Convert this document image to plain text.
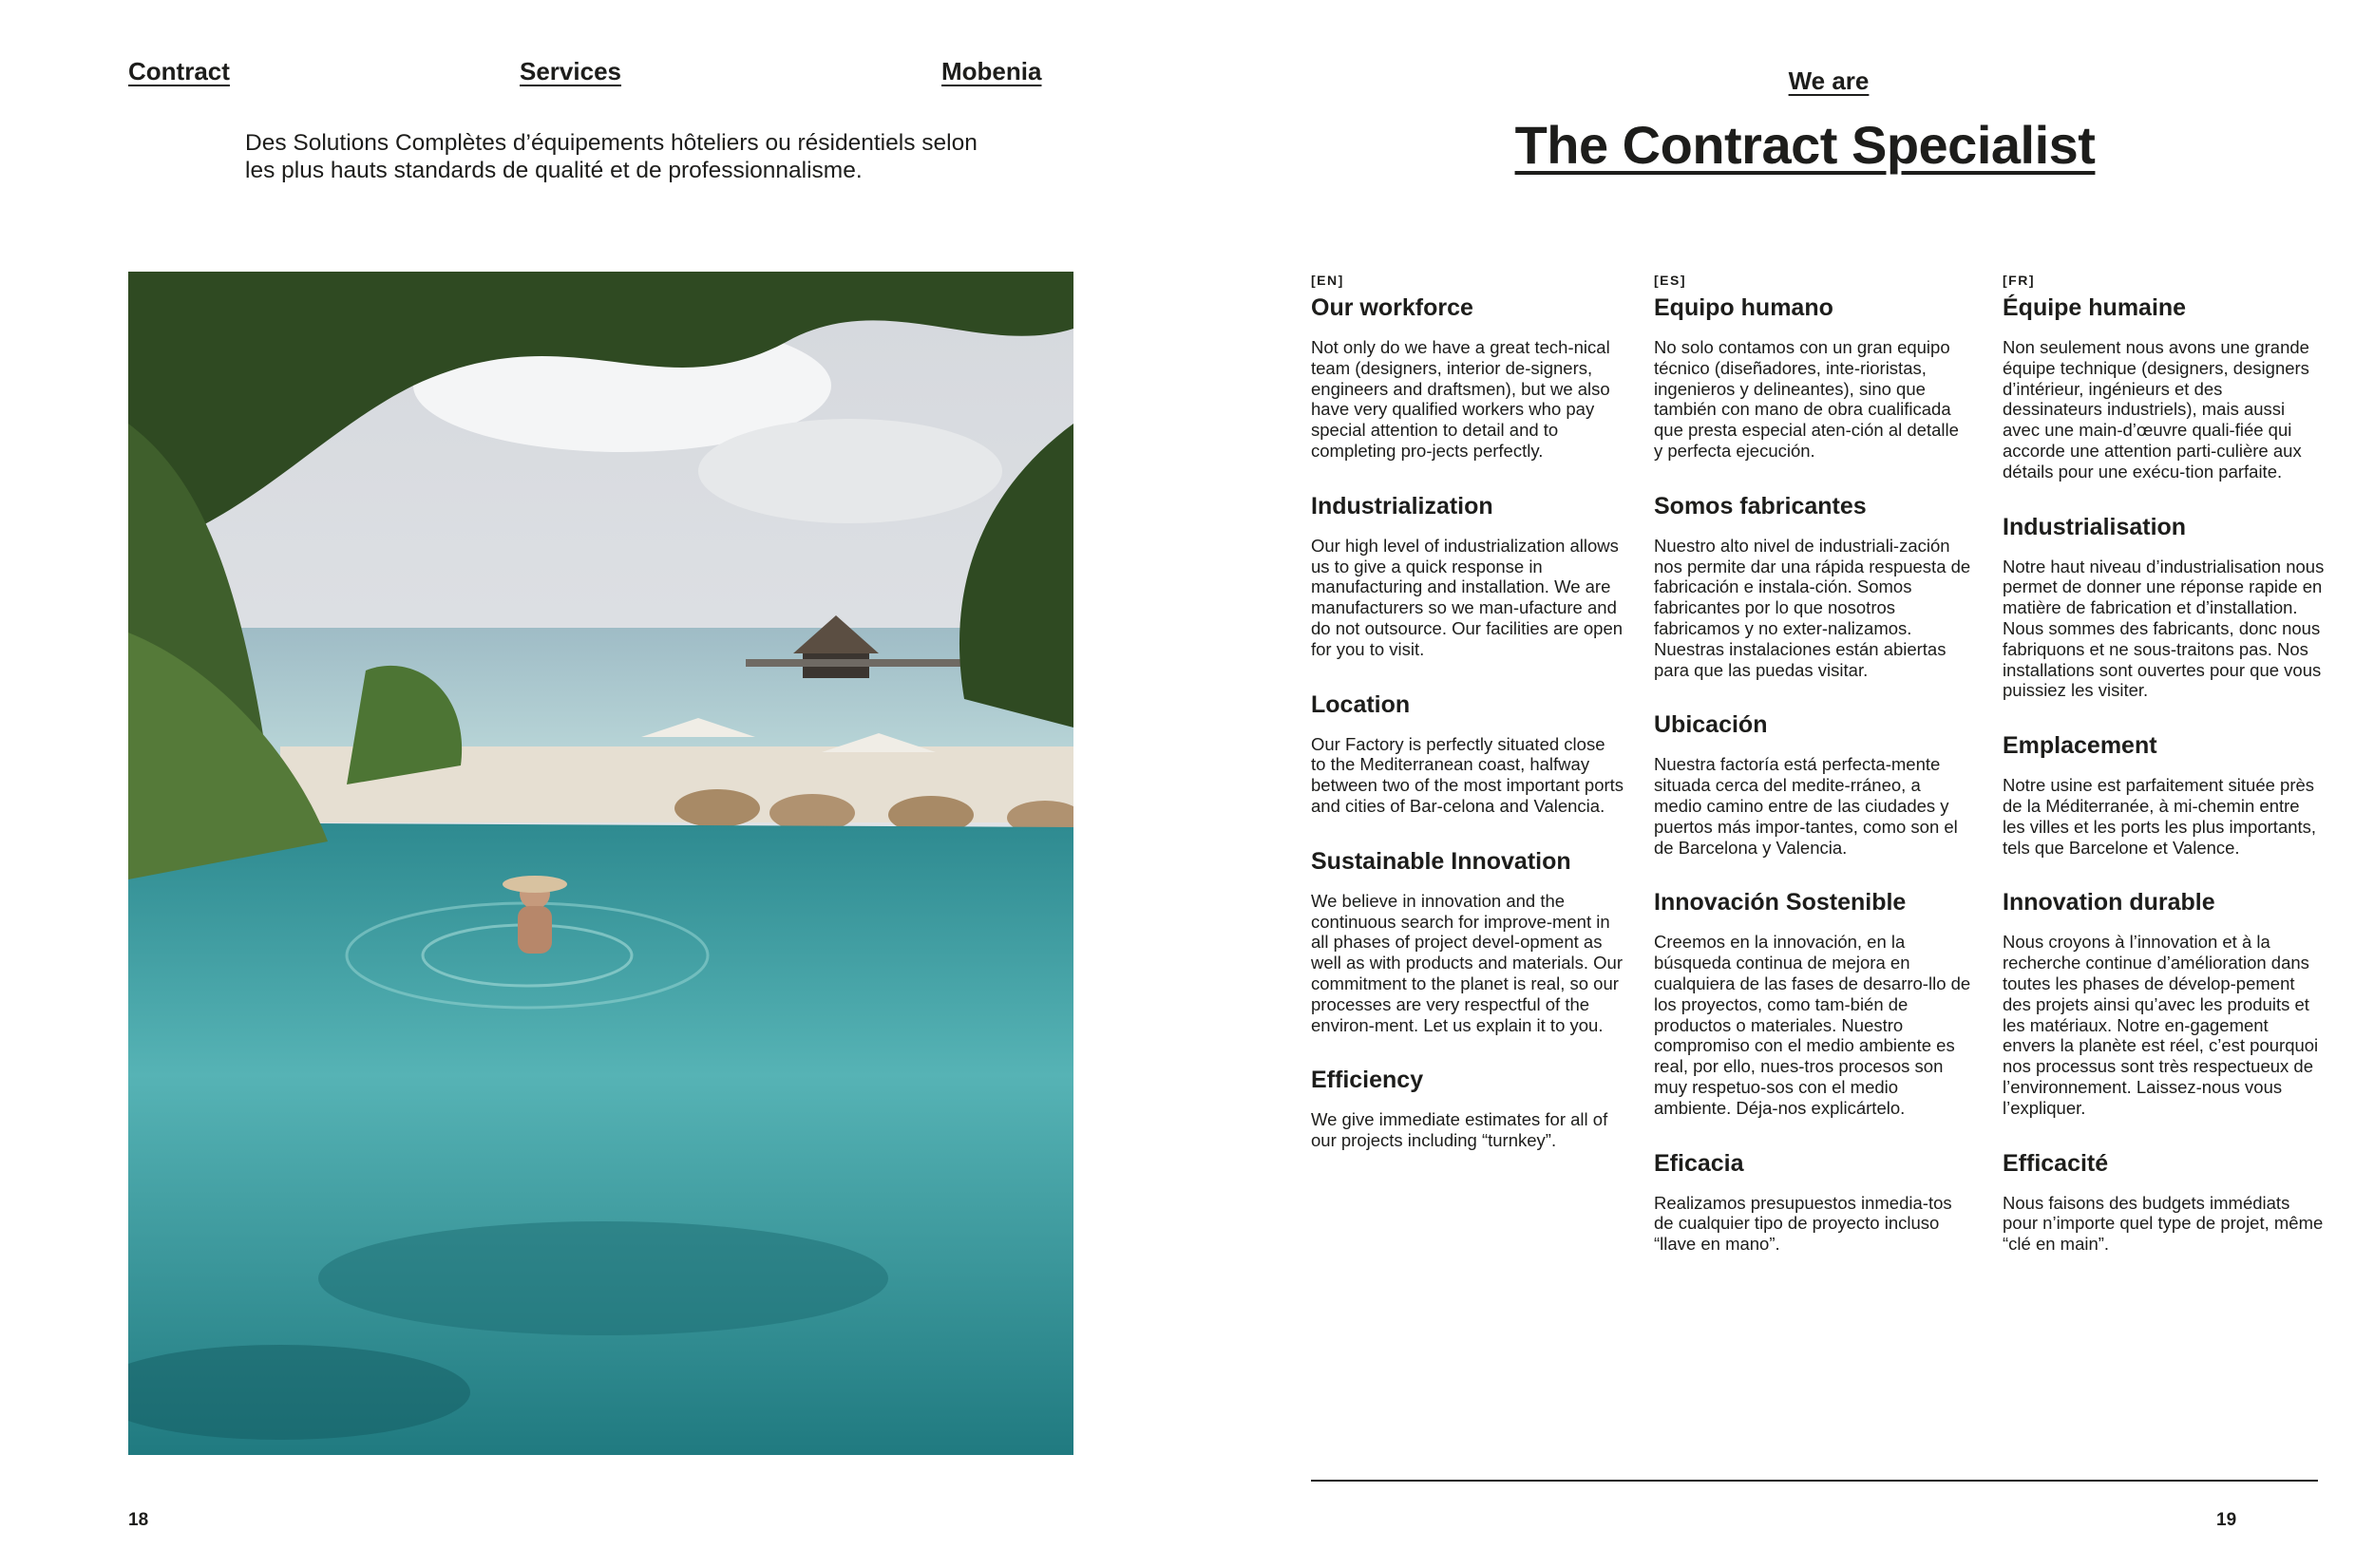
Contract	Services	Mobenia
Des Solutions Complètes d’équipements hôteliers ou résidentiels selon les plus hauts standards de qualité et de professionnalisme.
18
We are
The Contract Specialist
[EN]
Our workforce

Not only do we have a great tech-nical team (designers, interior de-signers, engineers and draftsmen), but we also have very qualified workers who pay special attention to detail and to completing pro-jects perfectly.

Industrialization

Our high level of industrialization allows us to give a quick response in manufacturing and installation. We are manufacturers so we man-ufacture and do not outsource. Our facilities are open for you to visit.

Location

Our Factory is perfectly situated close to the Mediterranean coast, halfway between two of the most important ports and cities of Bar-celona and Valencia.

Sustainable Innovation

We believe in innovation and the continuous search for improve-ment in all phases of project devel-opment as well as with products and materials. Our commitment to the planet is real, so our processes are very respectful of the environ-ment. Let us explain it to you.

Efficiency

We give immediate estimates for all of our projects including “turnkey”.

[ES]
Equipo humano

No solo contamos con un gran equipo técnico (diseñadores, inte-rioristas, ingenieros y delineantes), sino que también con mano de obra cualificada que presta especial aten-ción al detalle y perfecta ejecución.

Somos fabricantes

Nuestro alto nivel de industriali-zación nos permite dar una rápida respuesta de fabricación e instala-ción. Somos fabricantes por lo que nosotros fabricamos y no exter-nalizamos. Nuestras instalaciones están abiertas para que las puedas visitar.

Ubicación

Nuestra factoría está perfecta-mente situada cerca del medite-rráneo, a medio camino entre de las ciudades y puertos más impor-tantes, como son el de Barcelona y Valencia.

Innovación Sostenible

Creemos en la innovación, en la búsqueda continua de mejora en cualquiera de las fases de desarro-llo de los proyectos, como tam-bién de productos o materiales. Nuestro compromiso con el medio ambiente es real, por ello, nues-tros procesos son muy respetuo-sos con el medio ambiente. Déja-nos explicártelo.

Eficacia

Realizamos presupuestos inmedia-tos de cualquier tipo de proyecto incluso “llave en mano”.

[FR]
Équipe humaine

Non seulement nous avons une grande équipe technique (designers, designers d’intérieur, ingénieurs et des dessinateurs industriels), mais aussi avec une main-d’œuvre quali-fiée qui accorde une attention parti-culière aux détails pour une exécu-tion parfaite.

Industrialisation

Notre haut niveau d’industrialisation nous permet de donner une réponse rapide en matière de fabrication et d’installation. Nous sommes des fabricants, donc nous fabriquons et ne sous-traitons pas. Nos installations sont ouvertes pour que vous puissiez les visiter.

Emplacement

Notre usine est parfaitement située près de la Méditerranée, à mi-chemin entre les villes et les ports les plus importants, tels que Barcelone et Valence.

Innovation durable

Nous croyons à l’innovation et à la recherche continue d’amélioration dans toutes les phases de dévelop-pement des projets ainsi qu’avec les produits et les matériaux. Notre en-gagement envers la planète est réel, c’est pourquoi nos processus sont très respectueux de l’environnement. Laissez-nous vous l’expliquer.

Efficacité

Nous faisons des budgets immédiats pour n’importe quel type de projet, même “clé en main”.

19
